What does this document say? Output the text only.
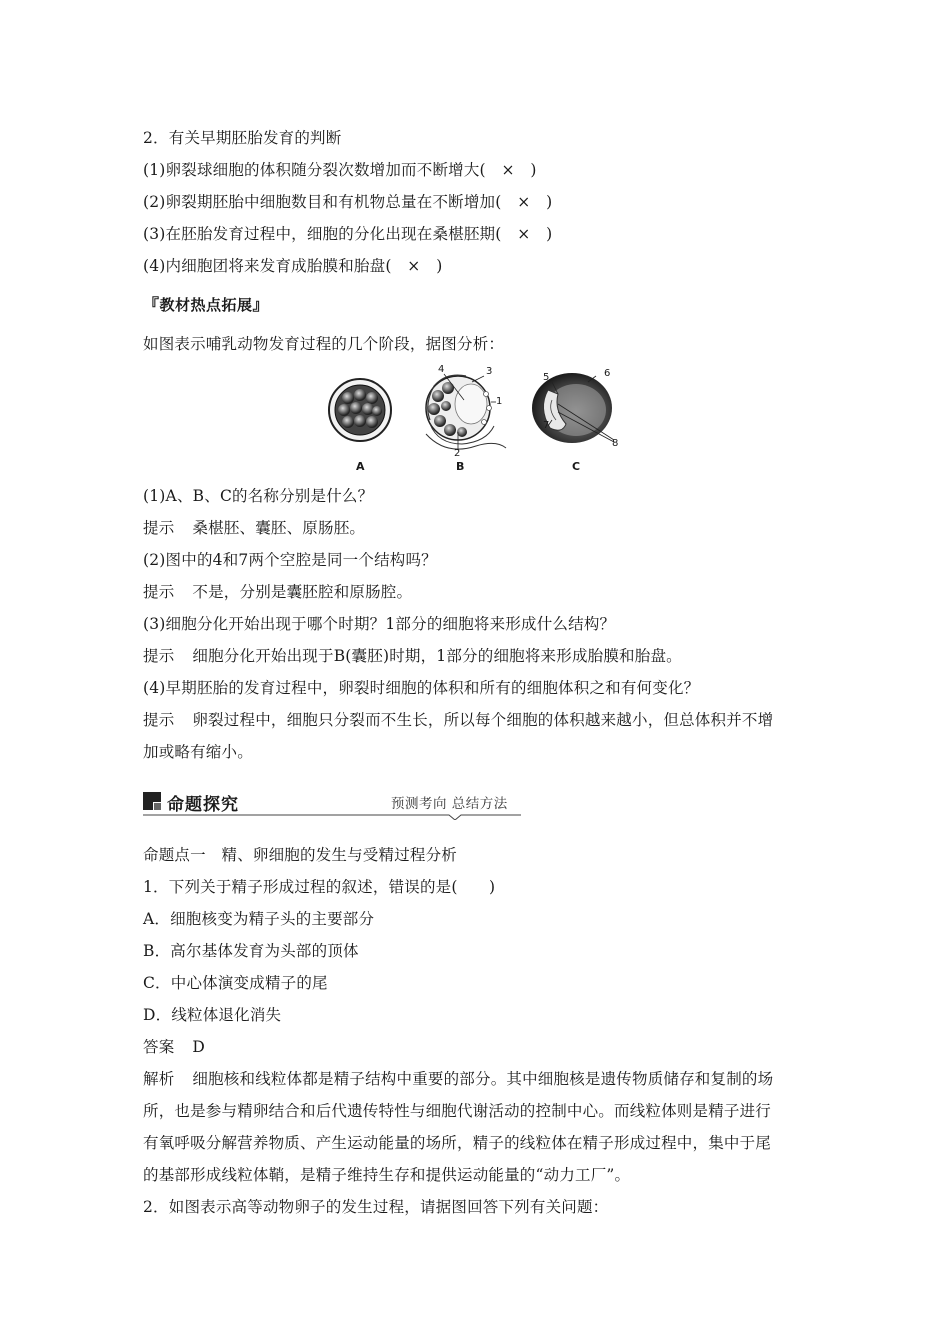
2．有关早期胚胎发育的判断
(1)卵裂球细胞的体积随分裂次数增加而不断增大(　×　)
(2)卵裂期胚胎中细胞数目和有机物总量在不断增加(　×　)
(3)在胚胎发育过程中，细胞的分化出现在桑椹胚期(　×　)
(4)内细胞团将来发育成胎膜和胎盘(　×　)
『教材热点拓展』
如图表示哺乳动物发育过程的几个阶段，据图分析：
4	3
1
2
5	6
7
8
A	B	C
(1)A、B、C的名称分别是什么？
提示 桑椹胚、囊胚、原肠胚。
(2)图中的4和7两个空腔是同一个结构吗？
提示 不是，分别是囊胚腔和原肠腔。
(3)细胞分化开始出现于哪个时期？1部分的细胞将来形成什么结构？
提示 细胞分化开始出现于B(囊胚)时期，1部分的细胞将来形成胎膜和胎盘。
(4)早期胚胎的发育过程中，卵裂时细胞的体积和所有的细胞体积之和有何变化？
提示 卵裂过程中，细胞只分裂而不生长，所以每个细胞的体积越来越小，但总体积并不增
加或略有缩小。
命题探究	预测考向 总结方法
命题点一　精、卵细胞的发生与受精过程分析
1．下列关于精子形成过程的叙述，错误的是(　　)
A．细胞核变为精子头的主要部分
B．高尔基体发育为头部的顶体
C．中心体演变成精子的尾
D．线粒体退化消失
答案 D
解析 细胞核和线粒体都是精子结构中重要的部分。其中细胞核是遗传物质储存和复制的场
所，也是参与精卵结合和后代遗传特性与细胞代谢活动的控制中心。而线粒体则是精子进行
有氧呼吸分解营养物质、产生运动能量的场所，精子的线粒体在精子形成过程中，集中于尾
的基部形成线粒体鞘，是精子维持生存和提供运动能量的“动力工厂”。
2．如图表示高等动物卵子的发生过程，请据图回答下列有关问题：
